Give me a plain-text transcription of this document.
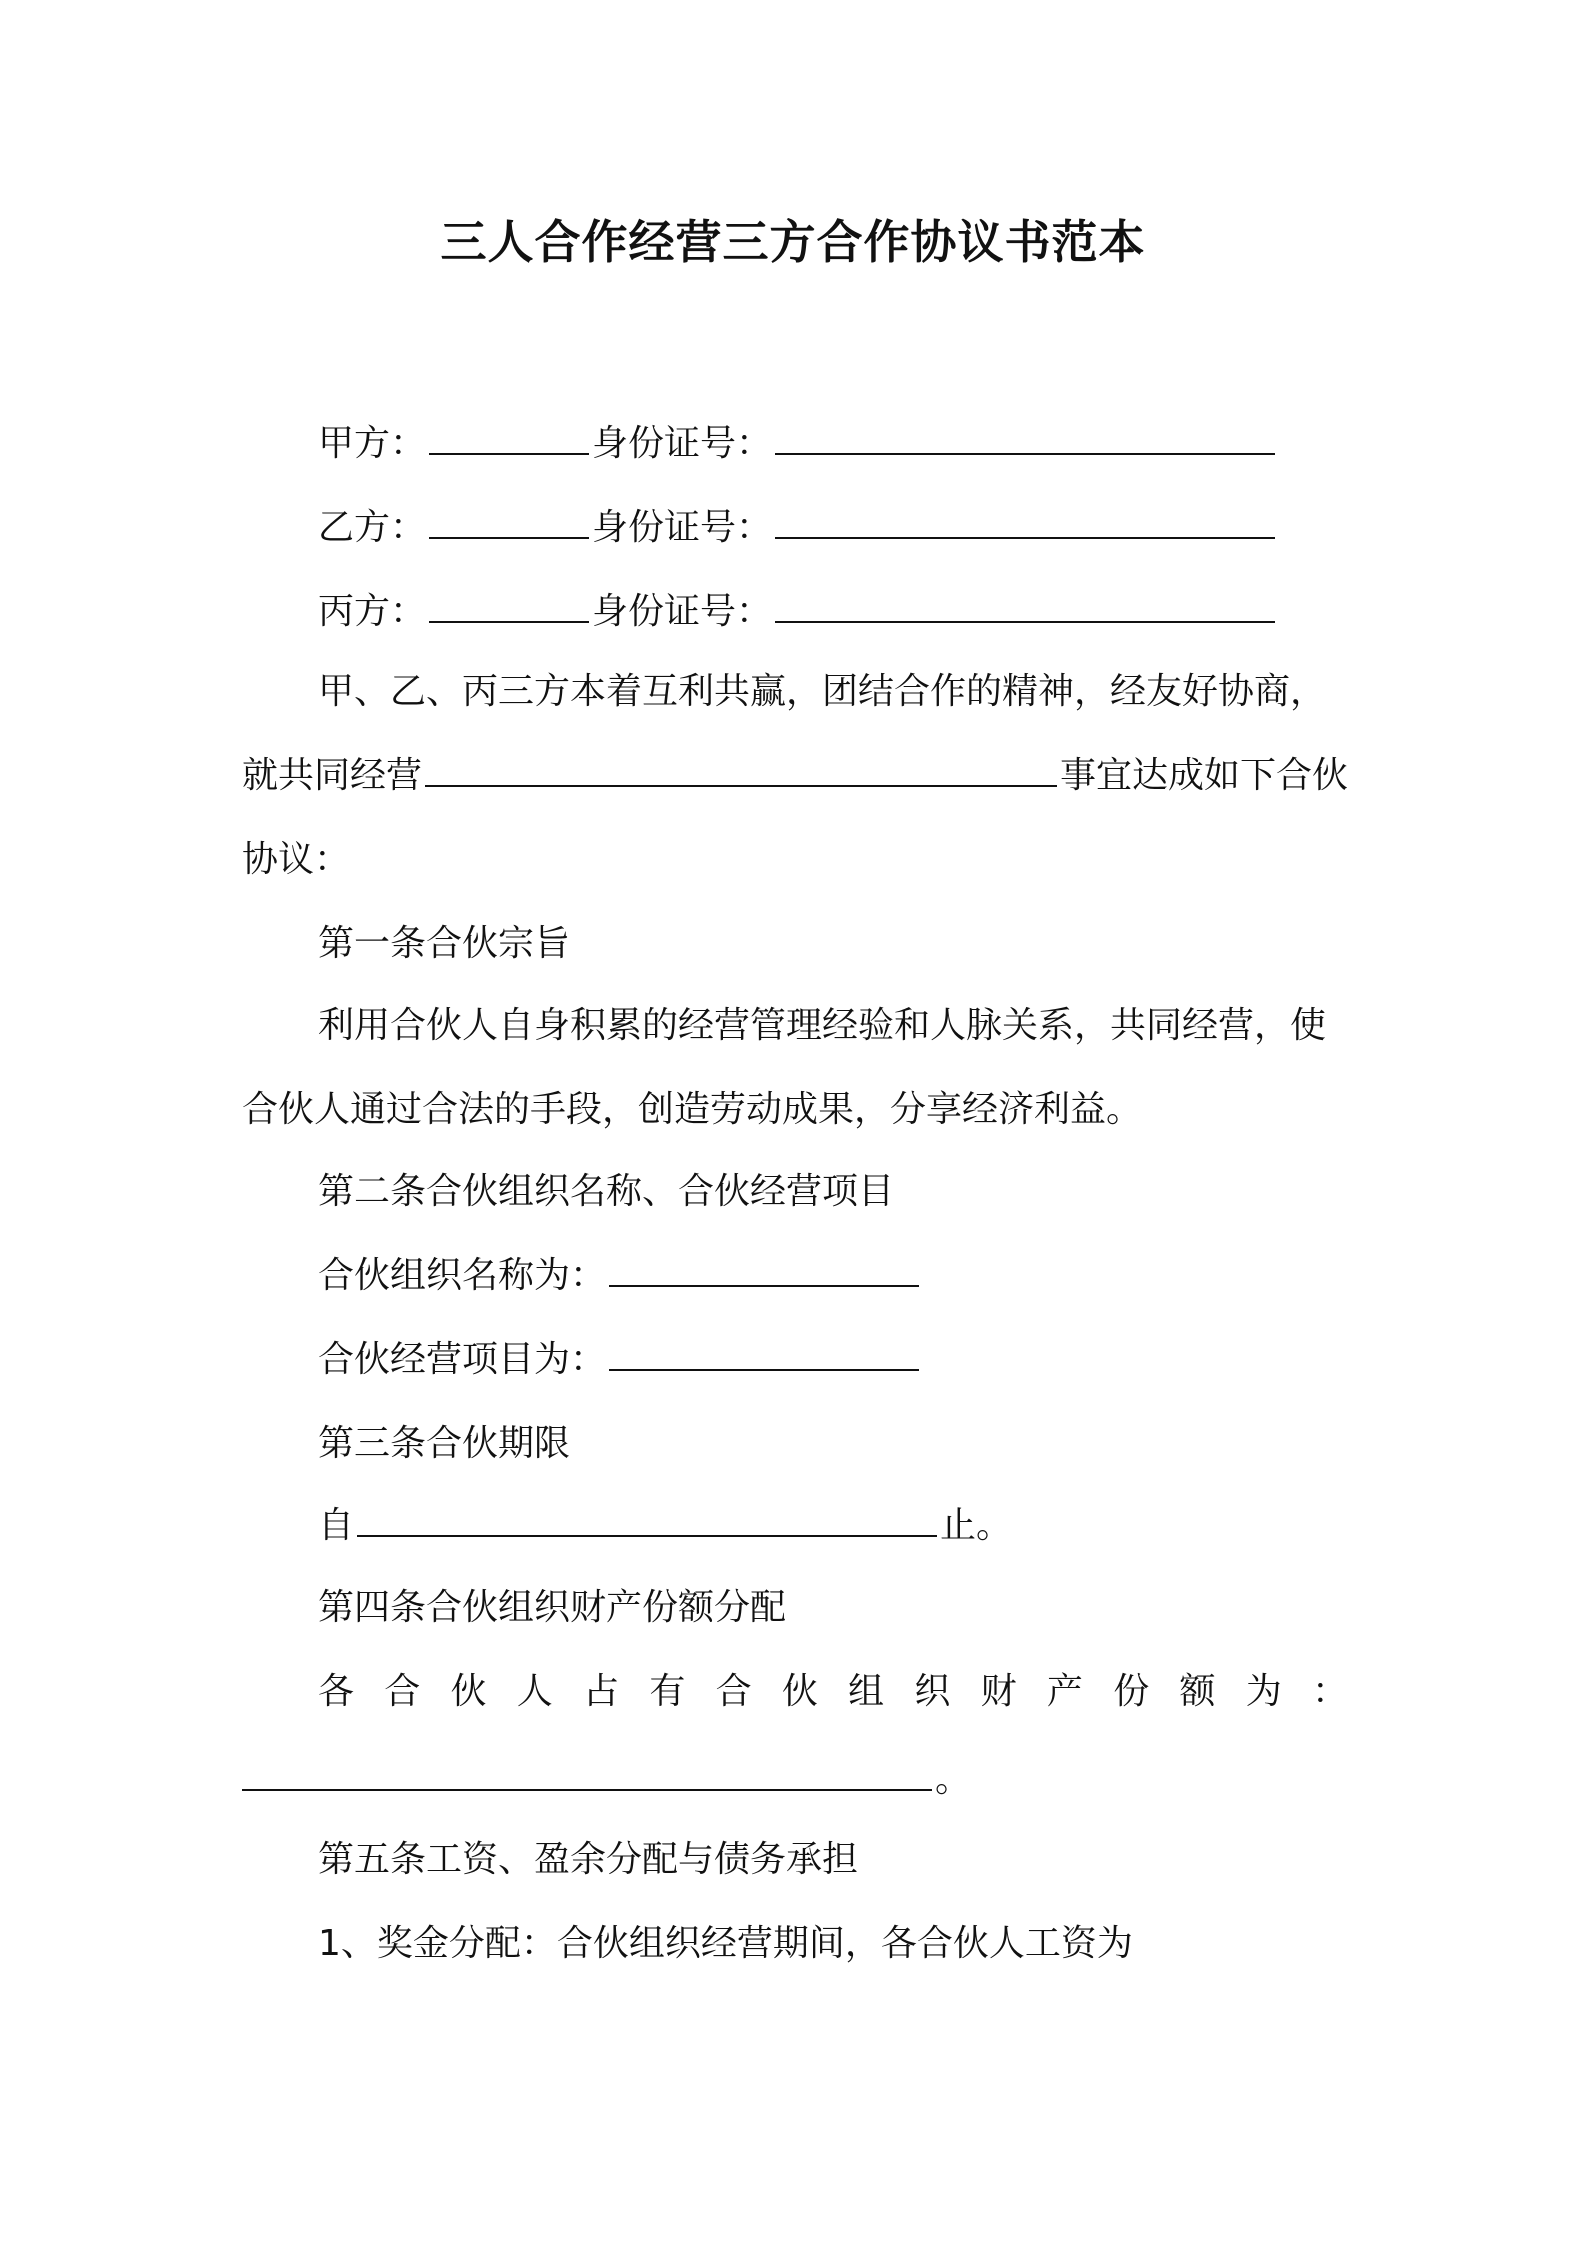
三人合作经营三方合作协议书范本
甲方：	身份证号：
乙方：	身份证号：
丙方：	身份证号：
甲、乙、丙三方本着互利共赢，团结合作的精神，经友好协商，
就共同经营	事宜达成如下合伙
协议：
第一条合伙宗旨
利用合伙人自身积累的经营管理经验和人脉关系，共同经营，使
合伙人通过合法的手段，创造劳动成果，分享经济利益。
第二条合伙组织名称、合伙经营项目
合伙组织名称为：
合伙经营项目为：
第三条合伙期限
自	止。
第四条合伙组织财产份额分配
各 合 伙 人 占 有 合 伙 组 织 财 产 份 额 为 ：
。
第五条工资、盈余分配与债务承担
1、奖金分配：合伙组织经营期间，各合伙人工资为
